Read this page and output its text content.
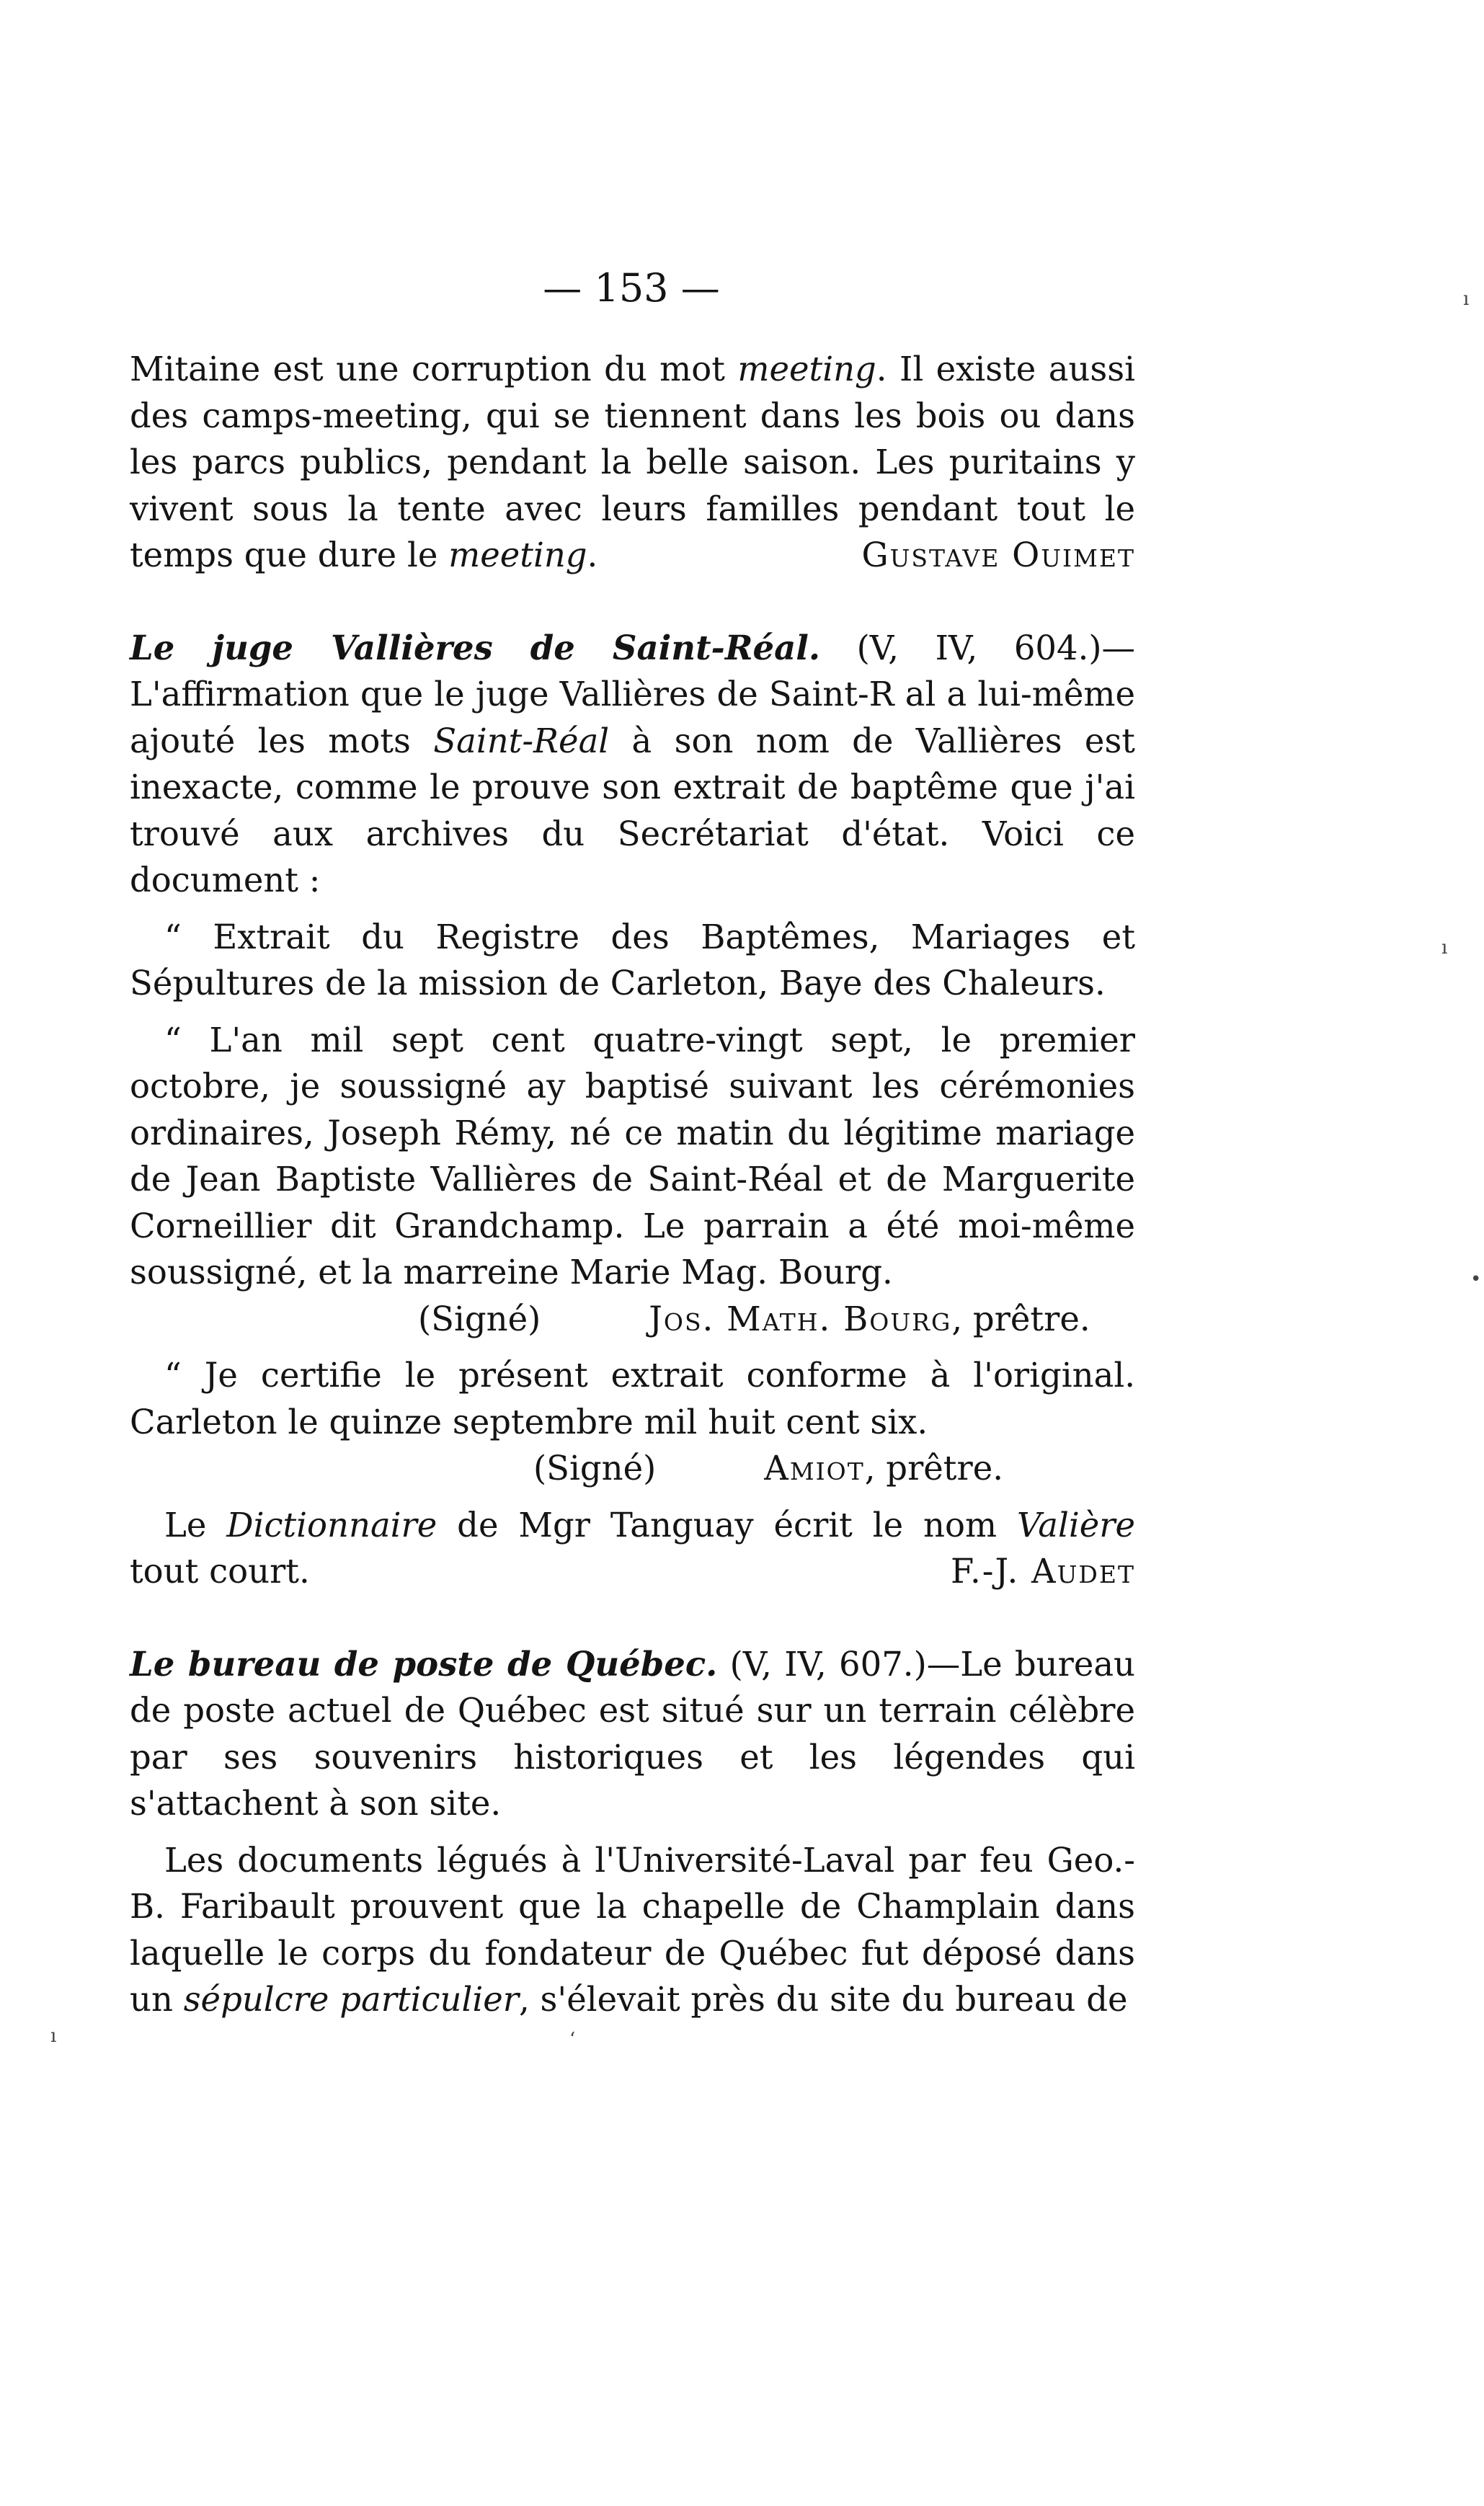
— 153 —

Mitaine est une corruption du mot meeting. Il existe aussi des camps-meeting, qui se tiennent dans les bois ou dans les parcs publics, pendant la belle saison. Les puritains y vivent sous la tente avec leurs familles pendant tout le temps que dure le meeting.	Gustave Ouimet

Le juge Vallières de Saint-Réal. (V, IV, 604.)—L'affirmation que le juge Vallières de Saint-R al a lui-même ajouté les mots Saint-Réal à son nom de Vallières est inexacte, comme le prouve son extrait de baptême que j'ai trouvé aux archives du Secrétariat d'état. Voici ce document :

“ Extrait du Registre des Baptêmes, Mariages et Sépultures de la mission de Carleton, Baye des Chaleurs.

“ L'an mil sept cent quatre-vingt sept, le premier octobre, je soussigné ay baptisé suivant les cérémonies ordinaires, Joseph Rémy, né ce matin du légitime mariage de Jean Baptiste Vallières de Saint-Réal et de Marguerite Corneillier dit Grandchamp. Le parrain a été moi-même soussigné, et la marreine Marie Mag. Bourg.

(Signé)	Jos. Math. Bourg, prêtre.

“ Je certifie le présent extrait conforme à l'original. Carleton le quinze septembre mil huit cent six.

(Signé)	Amiot, prêtre.

Le Dictionnaire de Mgr Tanguay écrit le nom Valière tout court.	F.-J. Audet

Le bureau de poste de Québec. (V, IV, 607.)—Le bureau de poste actuel de Québec est situé sur un terrain célèbre par ses souvenirs historiques et les légendes qui s'attachent à son site.

Les documents légués à l'Université-Laval par feu Geo.-B. Faribault prouvent que la chapelle de Champlain dans laquelle le corps du fondateur de Québec fut déposé dans un sépulcre particulier, s'élevait près du site du bureau de

ı
ı
•
ı	ʻ
